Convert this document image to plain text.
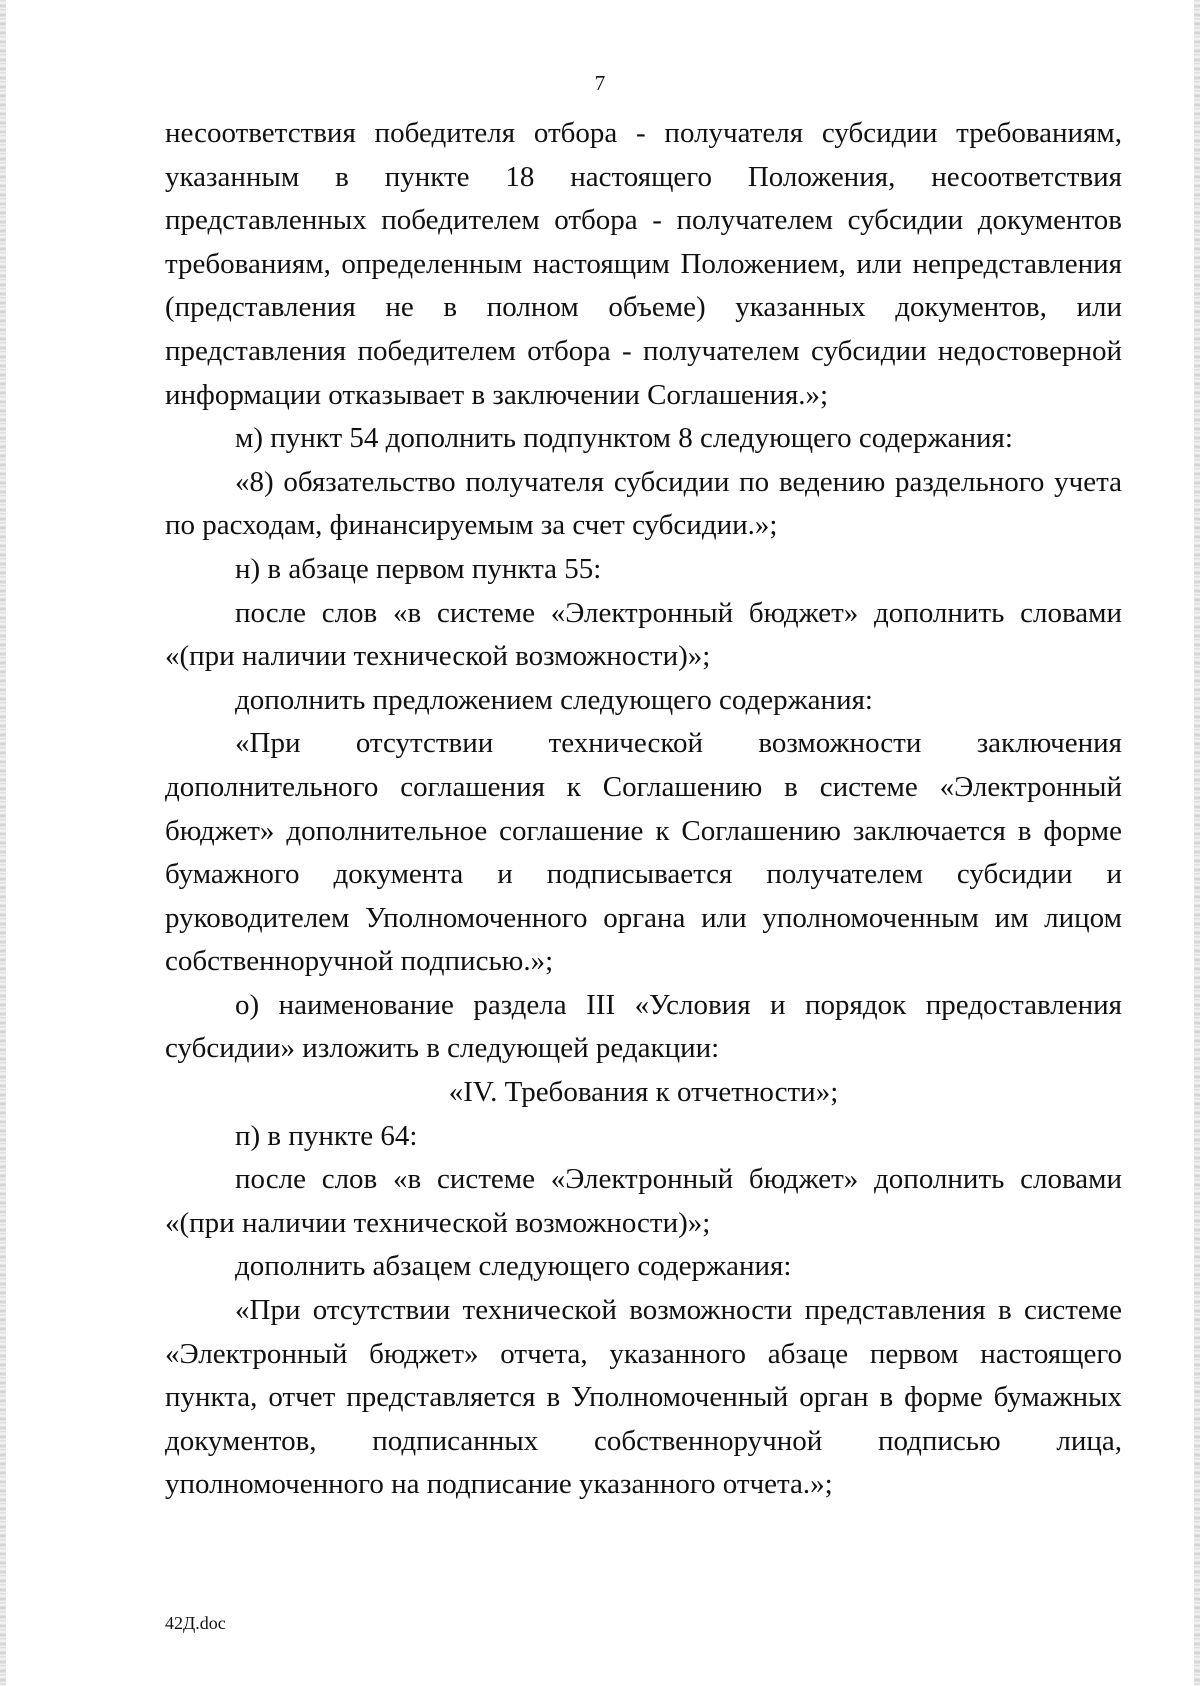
7

несоответствия победителя отбора - получателя субсидии требованиям, указанным в пункте 18 настоящего Положения, несоответствия представленных победителем отбора - получателем субсидии документов требованиям, определенным настоящим Положением, или непредставления (представления не в полном объеме) указанных документов, или представления победителем отбора - получателем субсидии недостоверной информации отказывает в заключении Соглашения.»;

м) пункт 54 дополнить подпунктом 8 следующего содержания:

«8) обязательство получателя субсидии по ведению раздельного учета по расходам, финансируемым за счет субсидии.»;

н) в абзаце первом пункта 55:

после слов «в системе «Электронный бюджет» дополнить словами «(при наличии технической возможности)»;

дополнить предложением следующего содержания:

«При отсутствии технической возможности заключения дополнительного соглашения к Соглашению в системе «Электронный бюджет» дополнительное соглашение к Соглашению заключается в форме бумажного документа и подписывается получателем субсидии и руководителем Уполномоченного органа или уполномоченным им лицом собственноручной подписью.»;

о) наименование раздела III «Условия и порядок предоставления субсидии» изложить в следующей редакции:

«IV. Требования к отчетности»;

п) в пункте 64:

после слов «в системе «Электронный бюджет» дополнить словами «(при наличии технической возможности)»;

дополнить абзацем следующего содержания:

«При отсутствии технической возможности представления в системе «Электронный бюджет» отчета, указанного абзаце первом настоящего пункта, отчет представляется в Уполномоченный орган в форме бумажных документов, подписанных собственноручной подписью лица, уполномоченного на подписание указанного отчета.»;

42Д.doc
